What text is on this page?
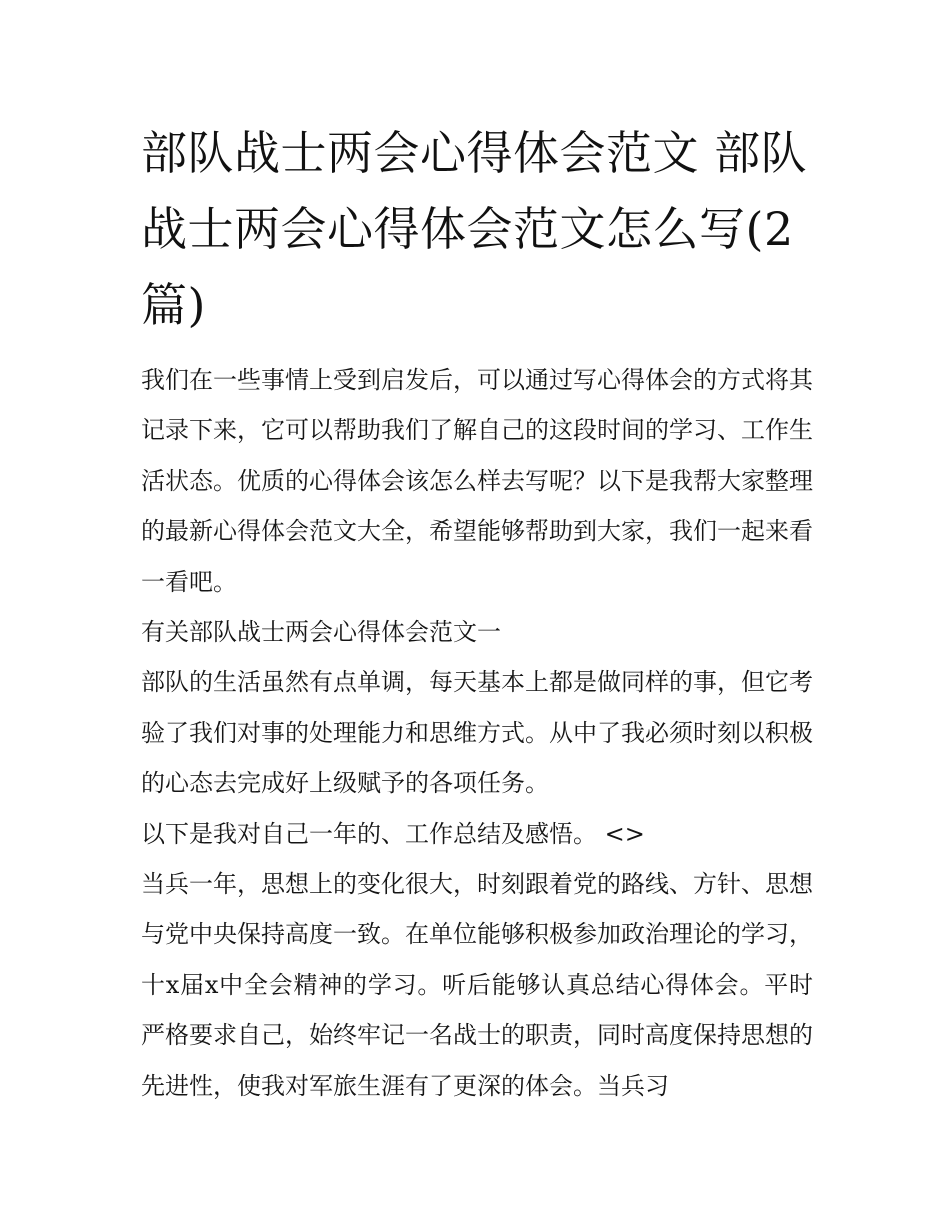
部队战士两会心得体会范文 部队战士两会心得体会范文怎么写(2篇)

我们在一些事情上受到启发后，可以通过写心得体会的方式将其记录下来，它可以帮助我们了解自己的这段时间的学习、工作生活状态。优质的心得体会该怎么样去写呢？以下是我帮大家整理的最新心得体会范文大全，希望能够帮助到大家，我们一起来看一看吧。

有关部队战士两会心得体会范文一

部队的生活虽然有点单调，每天基本上都是做同样的事，但它考验了我们对事的处理能力和思维方式。从中了我必须时刻以积极的心态去完成好上级赋予的各项任务。

以下是我对自己一年的、工作总结及感悟。 <>

当兵一年，思想上的变化很大，时刻跟着党的路线、方针、思想与党中央保持高度一致。在单位能够积极参加政治理论的学习，十x届x中全会精神的学习。听后能够认真总结心得体会。平时严格要求自己，始终牢记一名战士的职责，同时高度保持思想的先进性，使我对军旅生涯有了更深的体会。当兵习
